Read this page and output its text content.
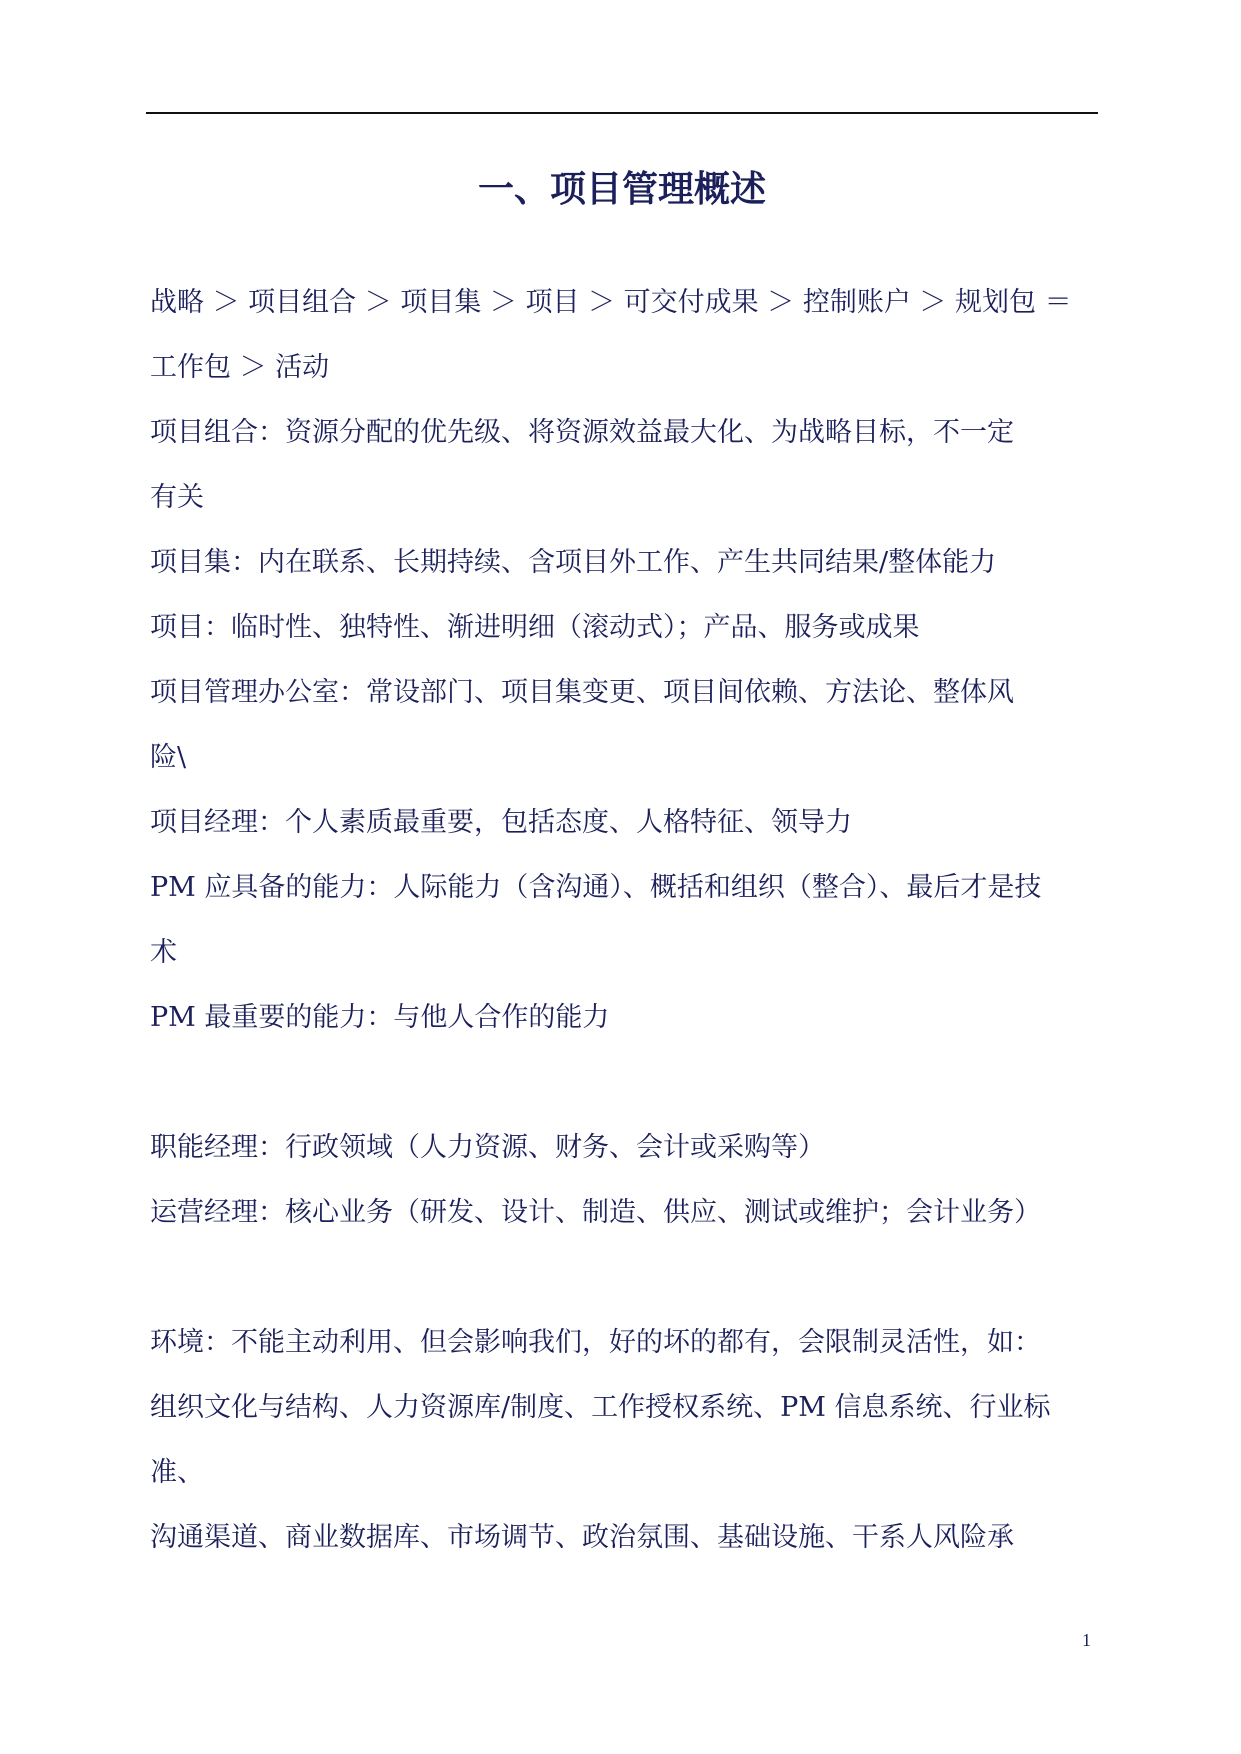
一、项目管理概述
战略 ＞ 项目组合 ＞ 项目集 ＞ 项目 ＞ 可交付成果 ＞ 控制账户 ＞ 规划包 ＝
工作包 ＞ 活动
项目组合：资源分配的优先级、将资源效益最大化、为战略目标，不一定
有关
项目集：内在联系、长期持续、含项目外工作、产生共同结果/整体能力
项目：临时性、独特性、渐进明细（滚动式）；产品、服务或成果
项目管理办公室：常设部门、项目集变更、项目间依赖、方法论、整体风
险\
项目经理：个人素质最重要，包括态度、人格特征、领导力
PM 应具备的能力：人际能力（含沟通）、概括和组织（整合）、最后才是技
术
PM 最重要的能力：与他人合作的能力
职能经理：行政领域（人力资源、财务、会计或采购等）
运营经理：核心业务（研发、设计、制造、供应、测试或维护；会计业务）
环境：不能主动利用、但会影响我们，好的坏的都有，会限制灵活性，如：
组织文化与结构、人力资源库/制度、工作授权系统、PM 信息系统、行业标
准、
沟通渠道、商业数据库、市场调节、政治氛围、基础设施、干系人风险承
1
